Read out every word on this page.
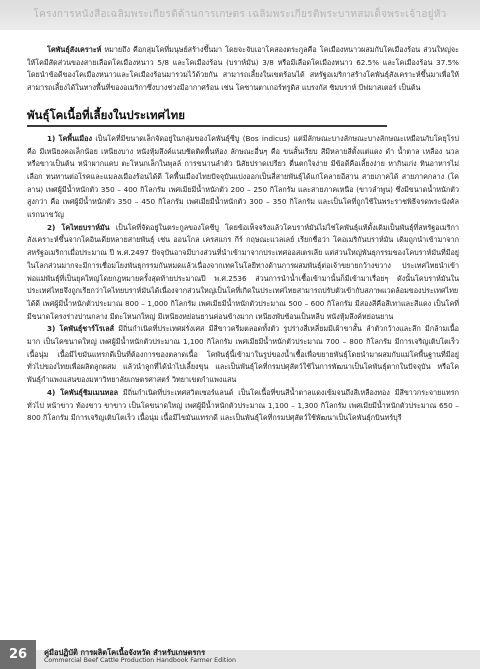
โครงการหนังสือเฉลิมพระเกียรติด้านการเกษตร เฉลิมพระเกียรติพระบาทสมเด็จพระเจ้าอยู่หัว

โคพันธุ์สังเคราะห์ หมายถึง คือกลุ่มโคที่มนุษย์สร้างขึ้นมา โดยจะจับเอาโคสองตระกูลคือ โคเมืองหนาวผสมกับโคเมืองร้อน ส่วนใหญ่จะให้โคมีสัดส่วนของสายเลือดโคเมืองหนาว 5/8 และโคเมืองร้อน (บราห์มัน) 3/8 หรือมีเลือดโคเมืองหนาว 62.5% และโคเมืองร้อน 37.5% โดยนำข้อดีของโคเมืองหนาวและโคเมืองร้อนมารวมไว้ด้วยกัน สามารถเลี้ยงในเขตร้อนได้ สหรัฐอเมริกาสร้างโคพันธุ์สังเคราะห์ขึ้นมาเพื่อให้สามารถเลี้ยงได้ในทางพื้นที่ของอเมริกาซึ่งบางช่วงมีอากาศร้อน เช่น โคซานตาเกอร์ทรูดิส แบรงกัส ซิมบราห์ บีฟมาสเตอร์ เป็นต้น

พันธุ์โคเนื้อที่เลี้ยงในประเทศไทย

1) โคพื้นเมือง เป็นโคที่มีขนาดเล็กจัดอยู่ในกลุ่มของโคพันธุ์ซีบู (Bos indicus) แต่มีลักษณะบางลักษณะบางลักษณะเหมือนกับโคยุโรป คือ มีเหนียงคอเล็กน้อย เหนียงบาง หนังหุ้มลึงค์แนบชิดติดพื้นท้อง ลักษณะอื่นๆ คือ ขนสั้นเรียบ สีมีหลายสีตั้งแต่แดง ดำ น้ำตาล เหลือง นวล หรือขาวเป็นต้น หน้าผากแคบ ตะโหนกเล็กในพุลล์ การขนานลำตัว นิสัยปราดเปรียว ตื่นตกใจง่าย มีข้อดีคือเลี้ยงง่าย หากินเก่ง ทินอาหารไม่เลือก ทนทานต่อโรคและแมลงเมืองร้อนได้ดี โคพื้นเมืองไทยปัจจุบันแบ่งออกเป็นสี่สายพันธุ์ได้แก่โคลายอีสาน สายเกาคได้ สายภาคกลาง (โคลาน) เพศผู้มีน้ำหนักตัว 350 – 400 กิโลกรัม เพศเมียมีน้ำหนักตัว 200 – 250 กิโลกรัม และสายภาคเหนือ (ขาวลำพูน) ซึ่งมีขนาดน้ำหนักตัวสูงกว่า คือ เพศผู้มีน้ำหนักตัว 350 – 450 กิโลกรัม เพศเมียมีน้ำหนักตัว 300 – 350 กิโลกรัม และเป็นโคที่ถูกใช้ในพระราชพิธีจรดพระนังคัลแรกนาขวัญ

2) โคไทยบราห์มัน เป็นโคที่จัดอยู่ในตระกูลของโคซีบู โดยข้อเท็จจริงแล้วโคบราห์มันไม่ใช่โคพันธุ์แท้ดั้งเดิมเป็นพันธุ์ที่สหรัฐอเมริกาสังเคราะห์ขึ้นจากโคอินเดียหลายสายพันธุ์ เช่น ออนโกล เครสแกร กีร์ กฤษณะแวลเลย์ เรียกชื่อว่า โคอเมริกันบราห์มัน เดิมถูกนำเข้ามาจากสหรัฐอเมริกาเมื่อประมาณ ปี พ.ศ.2497 ปัจจุบันอาจมีบางส่วนที่นำเข้ามาจากประเทศออสเตรเลีย แต่ส่วนใหญ่พันธุกรรมของโคบราห์มันที่มีอยู่ในโลกส่วนมากจะมีการเชื่อมโยงพันธุกรรมกันหมดแล้วเนื่องจากเทคโนโลยีทางด้านการผสมพันธุ์ต่อเจ้าขยายกว้างขวาง ประเทศไทยนำเข้าพ่อแม่พันธุ์ที่เป็นยุคใหญ่โดยกฎหมายครั้งสุดท้ายประมาณปี พ.ศ.2536 ส่วนการนำน้ำเชื้อเข้ามานั้นก็มีเข้ามาเรื่อยๆ ดังนั้นโคบราห์มันในประเทศไทยจึงถูกเรียกว่าโคไทยบราห์มันได้เนื่องจากส่วนใหญ่เป็นโคที่เกิดในประเทศไทยสามารถปรับตัวเข้ากับสภาพแวดล้อมของประเทศไทยได้ดี เพศผู้มีน้ำหนักตัวประมาณ 800 – 1,000 กิโลกรัม เพศเมียมีน้ำหนักตัวประมาณ 500 – 600 กิโลกรัม มีสองสีคือสีเทาและสีแดง เป็นโคที่มีขนาดโครงร่างปานกลาง มีตะโหนกใหญ่ มีเหนียงหย่อนยานค่อนข้างมาก เหนียงพับซ้อนเป็นหลีบ หนังหุ้มลึงค์หย่อนยาน

3) โคพันธุ์ชาร์โรเลส์ มีถิ่นกำเนิดที่ประเทศฝรั่งเศส มีสีขาวครีมตลอดทั้งตัว รูปร่างสี่เหลี่ยมมีเผ้าขาสั้น ลำตัวกว้างและลึก มีกล้ามเนื้อมาก เป็นโคขนาดใหญ่ เพศผู้มีน้ำหนักตัวประมาณ 1,100 กิโลกรัม เพศเมียมีน้ำหนักตัวประมาณ 700 – 800 กิโลกรัม มีการเจริญเติบโตเร็ว เนื้อนุ่ม เนื้อมีไขมันแทรกดีเป็นที่ต้องการของตลาดเนื้อ โคพันธุ์นี้เข้ามาในรูปของน้ำเชื้อเพื่อขยายพันธุ์โดยนำมาผสมกับแม่โคพื้นฐานที่มีอยู่ทั่วไปของไทยเพื่อผลิตลูกผสม แล้วนำลูกที่ได้นำไปเลี้ยงขุน และเป็นพันธุ์โคที่กรมปศุสัตว์ใช้ในการพัฒนาเป็นโคพันธุ์ตากในปัจจุบัน หรือโคพันธุ์กำแพงแสนของมหาวิทยาลัยเกษตรศาสตร์ วิทยาเขตกำแพงแสน

4) โคพันธุ์ชิมเมนทอล มีถิ่นกำเนิดที่ประเทศสวิตเซอร์แลนด์ เป็นโคเนื้อที่ขนสีน้ำตาลแดงเข้มจนถึงสีเหลืองทอง มีสีขาวกระจายแทรกทั่วไป หน้าขาว ท้องขาว ขาขาว เป็นโคขนาดใหญ่ เพศผู้มีน้ำหนักตัวประมาณ 1,100 – 1,300 กิโลกรัม เพศเมียมีน้ำหนักตัวประมาณ 650 – 800 กิโลกรัม มีการเจริญเติบโตเร็ว เนื้อนุ่ม เนื้อมีไขมันแทรกดี และเป็นพันธุ์โคที่กรมปศุสัตว์ใช้พัฒนาเป็นโคพันธุ์กบินทร์บุรี

26	คู่มือปฏิบัติ การผลิตโคเนื้อจังหวัด สำหรับเกษตรกร
Commercial Beef Cattle Production Handbook Farmer Edition
